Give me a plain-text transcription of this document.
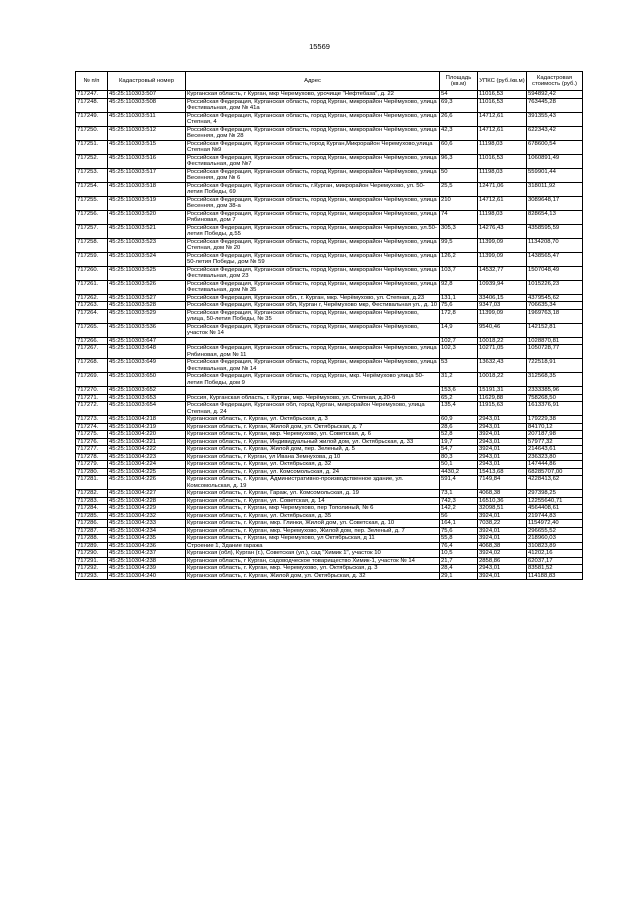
15569
№ п/п	Кадастровый номер	Адрес	Площадь (кв.м)	УПКС (руб./кв.м)	Кадастровая стоимость (руб.)
717247.	45:25:110303:507	Курганская область, г Курган, мкр Черемухово, урочище "Нефтебаза", д. 22	54	11016,53	594892,42
717248.	45:25:110303:508	Российская Федерация, Курганская область, город Курган, микрорайон Черёмухово, улица Фестивальная, дом № 41а	69,3	11016,53	763445,28
717249.	45:25:110303:511	Российская Федерация, Курганская область, город Курган, микрорайон Черемухово, улица Степная, 4	26,6	14712,61	391355,43
717250.	45:25:110303:512	Российская Федерация, Курганская область, город Курган, микрорайон Черёмухово, улица Весенняя, дом № 28	42,3	14712,61	622343,42
717251.	45:25:110303:515	Российская Федерация, Курганская область,город Курган,Микрорайон Черемухово,улица Степная №9	60,6	11198,03	678600,54
717252.	45:25:110303:516	Российская Федерация, Курганская область, город Курган, микрорайон Черёмухово, улица Фестивальная, дом №7	96,3	11016,53	1060891,49
717253.	45:25:110303:517	Российская Федерация, Курганская область, город Курган, микрорайон Черёмухово, улица Весенняя, дом № 6	50	11198,03	559901,44
717254.	45:25:110303:518	Российская Федерация, Курганская область, г.Курган, микрорайон Черемухово, ул. 50-летия Победы, 69	25,5	12471,06	318011,92
717255.	45:25:110303:519	Российская Федерация, Курганская область, город Курган, микрорайон Черёмухово, улица Весенняя, дом 38-а	210	14712,61	3089648,17
717256.	45:25:110303:520	Российская Федерация, Курганская область, город Курган, микрорайон Черёмухово, улица Рябиновая, дом 7	74	11198,03	828654,13
717257.	45:25:110303:521	Российская Федерация, Курганская область, город Курган, микрорайон Черёмухово, ул.50-летия Победы, д.55	305,3	14276,43	4358595,59
717258.	45:25:110303:523	Российская Федерация, Курганская область, город Курган, микрорайон Черёмухово, улица Степная, дом № 20	99,5	11399,09	1134208,70
717259.	45:25:110303:524	Российская Федерация, Курганская область, город Курган, микрорайон Черёмухово, улица 50-летия Победы, дом № 59	126,2	11399,09	1438565,47
717260.	45:25:110303:525	Российская Федерация, Курганская область, город Курган, микрорайон Черёмухово, улица Фестивальная, дом 23	103,7	14532,77	1507048,49
717261.	45:25:110303:526	Российская Федерация, Курганская область, город Курган, микрорайон Черёмухово, улица Фестивальная, дом № 35	92,8	10939,94	1015226,23
717262.	45:25:110303:527	Российская Федерация, Курганская обл., г. Курган, мкр. Черёмухово, ул. Степная, д.23	131,1	33406,15	4379545,62
717263.	45:25:110303:528	Российская Федерация, Курганская обл, Курган г, Черёмухово мкр, Фестивальная ул., д. 10	75,6	9347,03	706635,34
717264.	45:25:110303:529	Российская Федерация, Курганская область, город Курган, микрорайон Черёмухово, улица, 50-летия Победы, № 35	172,8	11399,09	1969763,18
717265.	45:25:110303:536	Российская Федерация, Курганская область, город Курган, микрорайон Черёмухово, участок № 14	14,9	9540,46	142152,81
717266.	45:25:110303:647		102,7	10018,22	1028870,81
717267.	45:25:110303:648	Российская Федерация, Курганская область, город Курган, микрорайон Черёмухово, улица Рябиновая, дом № 11	102,3	10271,05	1050728,77
717268.	45:25:110303:649	Российская Федерация, Курганская область, город Курган, микрорайон Черёмухово, улица Фестивальная, дом № 14	53	13632,43	722518,91
717269.	45:25:110303:650	Российская Федерация, Курганская область, город Курган, мкр. Черёмухово улица 50-летия Победы, дом 9	31,2	10018,22	312568,35
717270.	45:25:110303:652		153,6	15191,31	2333385,96
717271.	45:25:110303:653	Россия, Курганская область, г. Курган, мкр. Черёмухово, ул. Степная, д.20-б	65,2	11629,88	758268,50
717272.	45:25:110303:654	Российская Федерация, Курганская обл, город Курган, микрорайон Черемухово, улица Степная, д. 24	135,4	11915,63	1613376,91
717273.	45:25:110304:218	Курганская область, г. Курган, ул. Октябрьская, д. 3	60,9	2943,01	179229,38
717274.	45:25:110304:219	Курганская область, г. Курган, Жилой дом, ул. Октябрьская, д. 7	28,6	2943,01	84170,12
717275.	45:25:110304:220	Курганская область, г. Курган, мкр. Черемухово, ул. Советская, д. 6	52,8	3924,01	207187,98
717276.	45:25:110304:221	Курганская область, г. Курган, Индивидуальный жилой дом, ул. Октябрьская, д. 33	19,7	2943,01	57977,32
717277.	45:25:110304:222	Курганская область, г. Курган, Жилой дом, пер. Зеленый, д. 5	54,7	3924,01	214643,61
717278.	45:25:110304:223	Курганская область, г Курган, ул Ивана Земнухова, д 10	80,3	2943,01	236323,80
717279.	45:25:110304:224	Курганская область, г. Курган, ул. Октябрьская, д. 32	50,1	2943,01	147444,86
717280.	45:25:110304:225	Курганская область, г. Курган, ул. Комсомольская, д. 24	4430,2	15413,68	68285707,00
717281.	45:25:110304:226	Курганская область, г. Курган, Административно-производственное здание, ул. Комсомольская, д. 19	591,4	7149,84	4228413,62
717282.	45:25:110304:227	Курганская область, г. Курган, Гараж, ул. Комсомольская, д. 19	73,1	4068,38	297398,25
717283.	45:25:110304:228	Курганская область, г. Курган, ул. Советская, д. 14	742,3	16510,36	12255640,71
717284.	45:25:110304:229	Курганская область, г Курган, мкр Черемухово, пер Тополиный, № 6	142,2	32098,51	4564408,61
717285.	45:25:110304:232	Курганская область, г. Курган, ул. Октябрьская, д. 35	56	3924,01	219744,83
717286.	45:25:110304:233	Курганская область, г. Курган, мкр. Глинки, Жилой дом, ул. Советская, д. 10	164,1	7038,22	1154972,40
717287.	45:25:110304:234	Курганская область, г. Курган, мкр. Черемухово, Жилой дом, пер. Зеленый, д. 7	75,6	3924,01	296655,52
717288.	45:25:110304:235	Курганская область, г Курган, мкр Черемухово, ул Октябрьская, д 11	55,8	3924,01	218960,03
717289.	45:25:110304:236	Строение 1, Здание гаража	76,4	4068,38	310823,89
717290.	45:25:110304:237	Курганская (обл), Курган (г.), Советская (ул.), сад "Химик 1", участок 10	10,5	3924,02	41202,16
717291.	45:25:110304:238	Курганская область, г Курган, садоводческое товарищество Химик-1, участок № 14	21,7	2858,86	62037,17
717292.	45:25:110304:239	Курганская область, г. Курган, мкр. Черемухово, ул. Октябрьская, д. 3	28,4	2943,01	83581,52
717293.	45:25:110304:240	Курганская область, г. Курган, Жилой дом, ул. Октябрьская, д. 32	29,1	3924,01	114188,83
